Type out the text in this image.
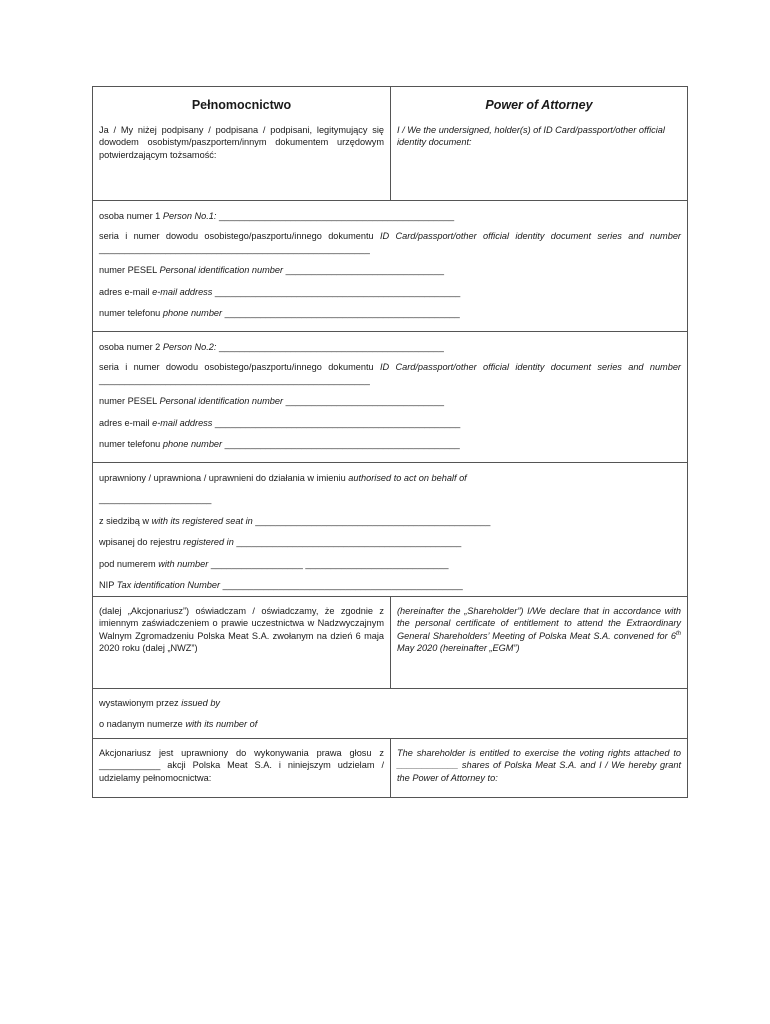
Pełnomocnictwo

Ja / My niżej podpisany / podpisana / podpisani, legitymujący się dowodem osobistym/paszportem/innym dokumentem urzędowym potwierdzającym tożsamość:

Power of Attorney

I / We the undersigned, holder(s) of ID Card/passport/other official identity document:

osoba numer 1 Person No.1: ______________________________________________

seria i numer dowodu osobistego/paszportu/innego dokumentu ID Card/passport/other official identity document series and number _____________________________________________________

numer PESEL Personal identification number _______________________________

adres e-mail e-mail address ________________________________________________

numer telefonu phone number ______________________________________________

osoba numer 2 Person No.2: ____________________________________________

seria i numer dowodu osobistego/paszportu/innego dokumentu ID Card/passport/other official identity document series and number _____________________________________________________

numer PESEL Personal identification number _______________________________

adres e-mail e-mail address ________________________________________________

numer telefonu phone number ______________________________________________

uprawniony / uprawniona / uprawnieni do działania w imieniu authorised to act on behalf of

______________________

z siedzibą w with its registered seat in ______________________________________________

wpisanej do rejestru registered in ____________________________________________

pod numerem with number __________________ ____________________________

NIP Tax identification Number _______________________________________________

(dalej „Akcjonariusz”) oświadczam / oświadczamy, że zgodnie z imiennym zaświadczeniem o prawie uczestnictwa w Nadzwyczajnym Walnym Zgromadzeniu Polska Meat S.A. zwołanym na dzień 6 maja 2020 roku (dalej „NWZ”)

(hereinafter the „Shareholder”) I/We declare that in accordance with the personal certificate of entitlement to attend the Extraordinary General Shareholders’ Meeting of Polska Meat S.A. convened for 6th May 2020 (hereinafter „EGM”)

wystawionym przez issued by

o nadanym numerze with its number of

Akcjonariusz jest uprawniony do wykonywania prawa głosu z ____________ akcji Polska Meat S.A. i niniejszym udzielam / udzielamy pełnomocnictwa:

The shareholder is entitled to exercise the voting rights attached to ____________ shares of Polska Meat S.A. and I / We hereby grant the Power of Attorney to:
